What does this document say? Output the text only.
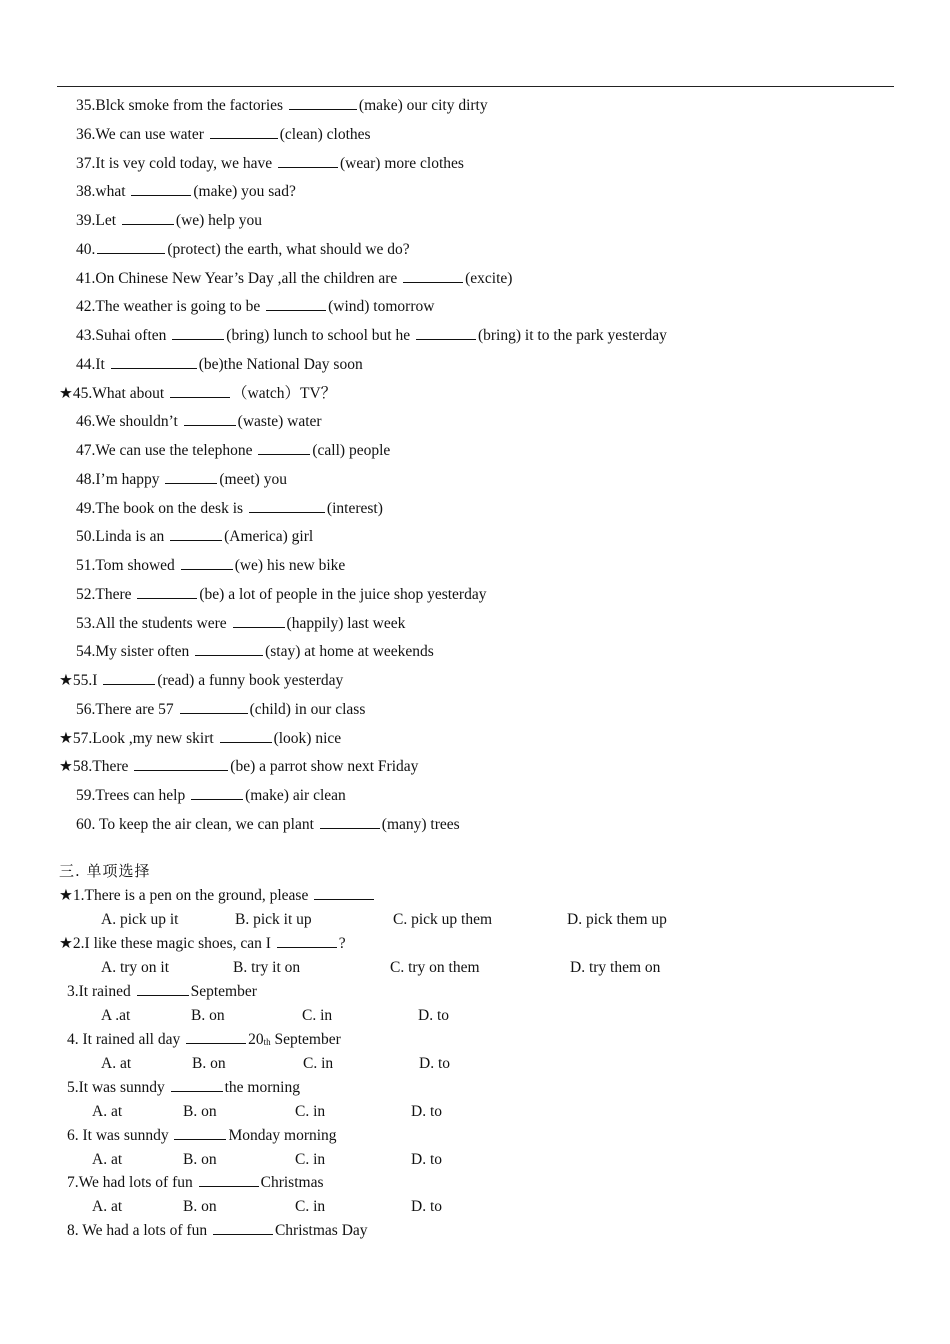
35.Blck smoke from the factories	(make) our city dirty
36.We can use water	(clean) clothes
37.It is vey cold today, we have	(wear) more clothes
38.what	(make) you sad?
39.Let	(we) help you
40.	(protect) the earth, what should we do?
41.On Chinese New Year’s Day ,all the children are	(excite)
42.The weather is going to be	(wind) tomorrow
43.Suhai often	(bring) lunch to school but he	(bring) it to the park yesterday
44.It	(be)the National Day soon
★45.What about	（watch）TV？
46.We shouldn’t	(waste) water
47.We can use the telephone	(call) people
48.I’m happy	(meet) you
49.The book on the desk is	(interest)
50.Linda is an	(America) girl
51.Tom showed	(we) his new bike
52.There	(be) a lot of people in the juice shop yesterday
53.All the students were	(happily) last week
54.My sister often	(stay) at home at weekends
★55.I	(read) a funny book yesterday
56.There are 57	(child) in our class
★57.Look ,my new skirt	(look) nice
★58.There	(be) a parrot show next Friday
59.Trees can help	(make) air clean
60. To keep the air clean, we can plant	(many) trees
三. 单项选择
★1.There is a pen on the ground, please
A. pick up it	B. pick it up	C. pick up them	D. pick them up
★2.I like these magic shoes, can I	?
A. try on it	B. try it on	C. try on them	D. try them on
3.It rained	September
A .at	B. on	C. in	D. to
4. It rained all day	20th September
A. at	B. on	C. in	D. to
5.It was sunndy	the morning
A. at	B. on	C. in	D. to
6. It was sunndy	Monday morning
A. at	B. on	C. in	D. to
7.We had lots of fun	Christmas
A. at	B. on	C. in	D. to
8. We had a lots of fun	Christmas Day
